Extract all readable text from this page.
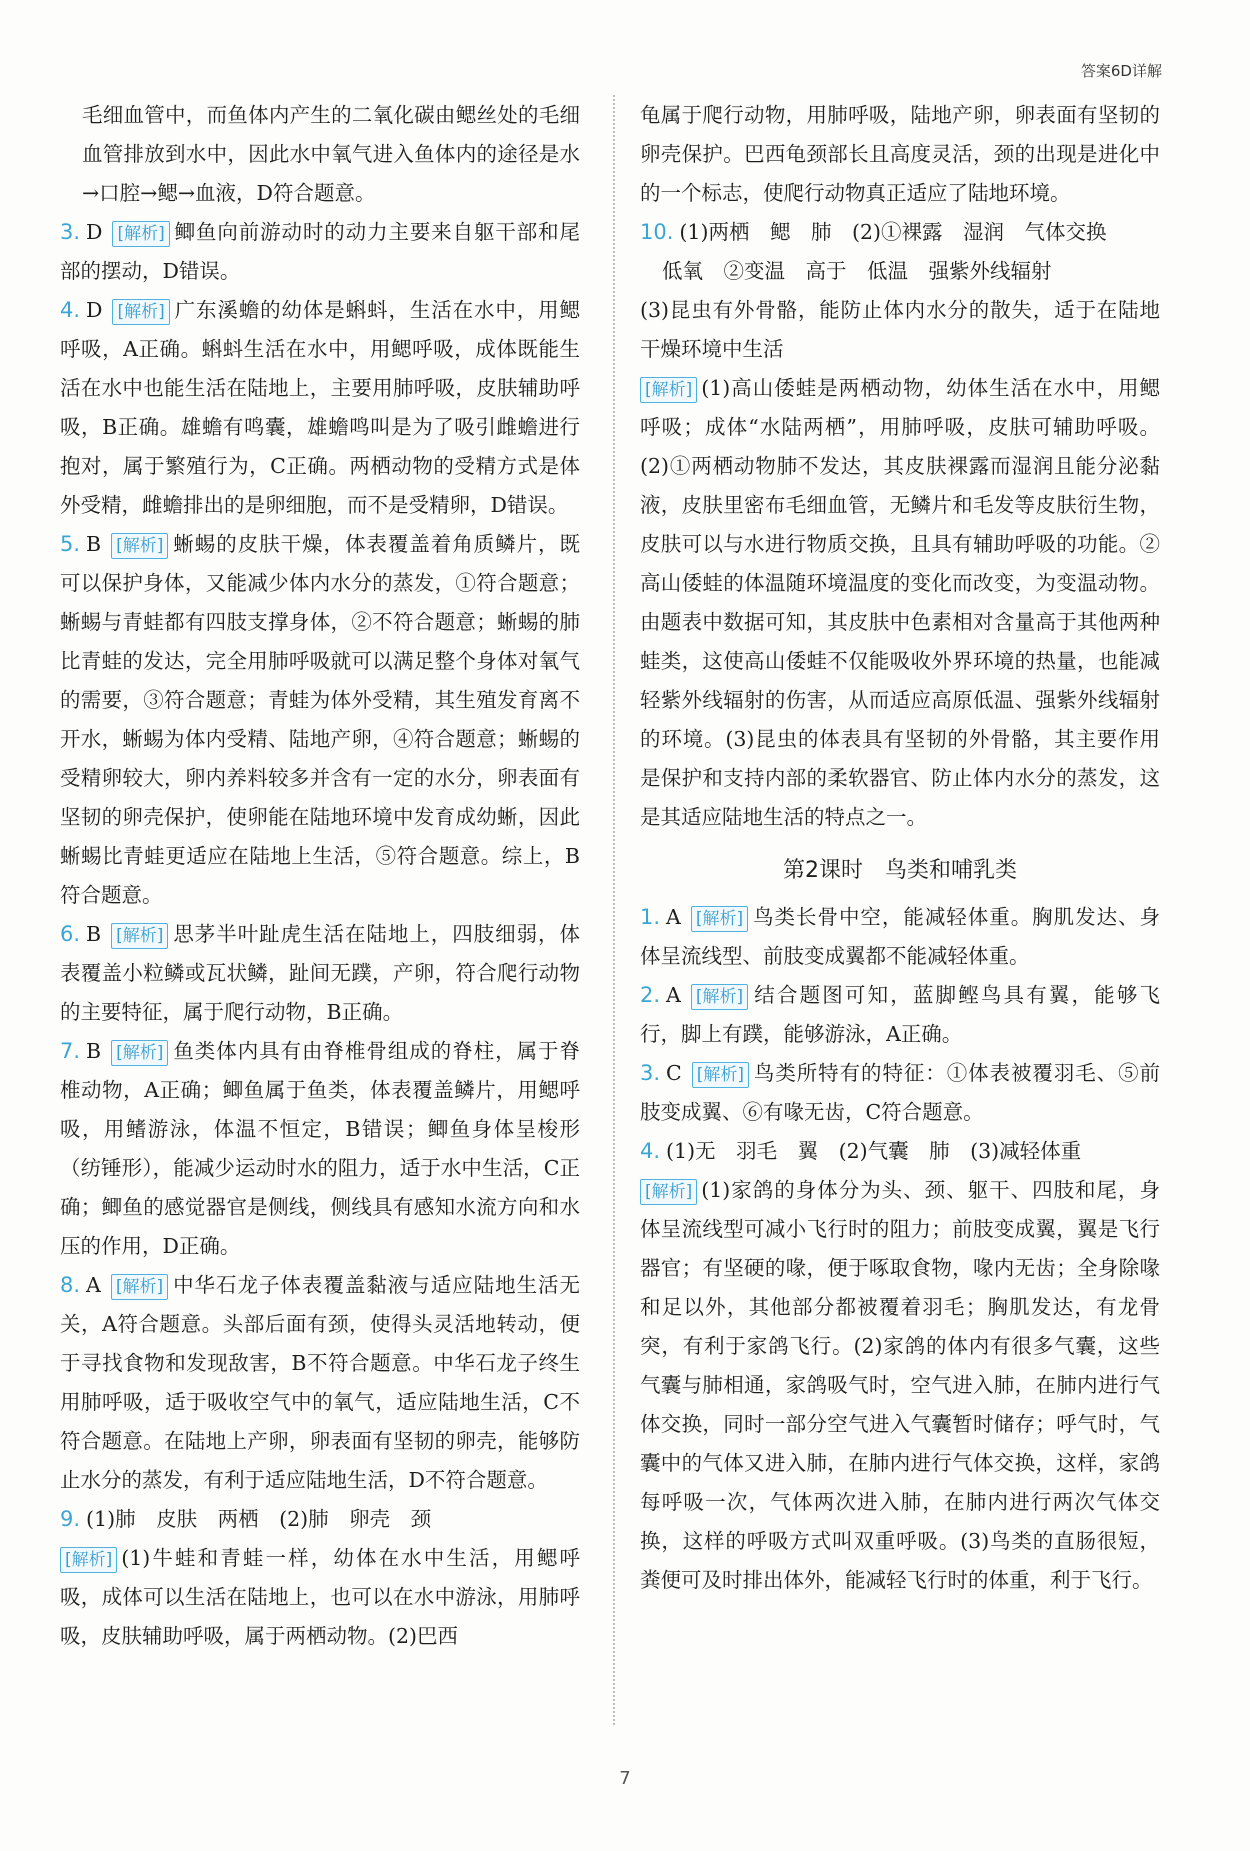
答案6D详解

毛细血管中，而鱼体内产生的二氧化碳由鳃丝处的毛细血管排放到水中，因此水中氧气进入鱼体内的途径是水→口腔→鳃→血液，D符合题意。

3. D [解析] 鲫鱼向前游动时的动力主要来自躯干部和尾部的摆动，D错误。

4. D [解析] 广东溪蟾的幼体是蝌蚪，生活在水中，用鳃呼吸，A正确。蝌蚪生活在水中，用鳃呼吸，成体既能生活在水中也能生活在陆地上，主要用肺呼吸，皮肤辅助呼吸，B正确。雄蟾有鸣囊，雄蟾鸣叫是为了吸引雌蟾进行抱对，属于繁殖行为，C正确。两栖动物的受精方式是体外受精，雌蟾排出的是卵细胞，而不是受精卵，D错误。

5. B [解析] 蜥蜴的皮肤干燥，体表覆盖着角质鳞片，既可以保护身体，又能减少体内水分的蒸发，①符合题意；蜥蜴与青蛙都有四肢支撑身体，②不符合题意；蜥蜴的肺比青蛙的发达，完全用肺呼吸就可以满足整个身体对氧气的需要，③符合题意；青蛙为体外受精，其生殖发育离不开水，蜥蜴为体内受精、陆地产卵，④符合题意；蜥蜴的受精卵较大，卵内养料较多并含有一定的水分，卵表面有坚韧的卵壳保护，使卵能在陆地环境中发育成幼蜥，因此蜥蜴比青蛙更适应在陆地上生活，⑤符合题意。综上，B符合题意。

6. B [解析] 思茅半叶趾虎生活在陆地上，四肢细弱，体表覆盖小粒鳞或瓦状鳞，趾间无蹼，产卵，符合爬行动物的主要特征，属于爬行动物，B正确。

7. B [解析] 鱼类体内具有由脊椎骨组成的脊柱，属于脊椎动物，A正确；鲫鱼属于鱼类，体表覆盖鳞片，用鳃呼吸，用鳍游泳，体温不恒定，B错误；鲫鱼身体呈梭形（纺锤形），能减少运动时水的阻力，适于水中生活，C正确；鲫鱼的感觉器官是侧线，侧线具有感知水流方向和水压的作用，D正确。

8. A [解析] 中华石龙子体表覆盖黏液与适应陆地生活无关，A符合题意。头部后面有颈，使得头灵活地转动，便于寻找食物和发现敌害，B不符合题意。中华石龙子终生用肺呼吸，适于吸收空气中的氧气，适应陆地生活，C不符合题意。在陆地上产卵，卵表面有坚韧的卵壳，能够防止水分的蒸发，有利于适应陆地生活，D不符合题意。

9. (1)肺　皮肤　两栖　(2)肺　卵壳　颈

[解析] (1)牛蛙和青蛙一样，幼体在水中生活，用鳃呼吸，成体可以生活在陆地上，也可以在水中游泳，用肺呼吸，皮肤辅助呼吸，属于两栖动物。(2)巴西

龟属于爬行动物，用肺呼吸，陆地产卵，卵表面有坚韧的卵壳保护。巴西龟颈部长且高度灵活，颈的出现是进化中的一个标志，使爬行动物真正适应了陆地环境。

10. (1)两栖　鳃　肺　(2)①裸露　湿润　气体交换

低氧　②变温　高于　低温　强紫外线辐射

(3)昆虫有外骨骼，能防止体内水分的散失，适于在陆地干燥环境中生活

[解析] (1)高山倭蛙是两栖动物，幼体生活在水中，用鳃呼吸；成体“水陆两栖”，用肺呼吸，皮肤可辅助呼吸。(2)①两栖动物肺不发达，其皮肤裸露而湿润且能分泌黏液，皮肤里密布毛细血管，无鳞片和毛发等皮肤衍生物，皮肤可以与水进行物质交换，且具有辅助呼吸的功能。②高山倭蛙的体温随环境温度的变化而改变，为变温动物。由题表中数据可知，其皮肤中色素相对含量高于其他两种蛙类，这使高山倭蛙不仅能吸收外界环境的热量，也能减轻紫外线辐射的伤害，从而适应高原低温、强紫外线辐射的环境。(3)昆虫的体表具有坚韧的外骨骼，其主要作用是保护和支持内部的柔软器官、防止体内水分的蒸发，这是其适应陆地生活的特点之一。

第2课时　鸟类和哺乳类

1. A [解析] 鸟类长骨中空，能减轻体重。胸肌发达、身体呈流线型、前肢变成翼都不能减轻体重。

2. A [解析] 结合题图可知，蓝脚鲣鸟具有翼，能够飞行，脚上有蹼，能够游泳，A正确。

3. C [解析] 鸟类所特有的特征：①体表被覆羽毛、⑤前肢变成翼、⑥有喙无齿，C符合题意。

4. (1)无　羽毛　翼　(2)气囊　肺　(3)减轻体重

[解析] (1)家鸽的身体分为头、颈、躯干、四肢和尾，身体呈流线型可减小飞行时的阻力；前肢变成翼，翼是飞行器官；有坚硬的喙，便于啄取食物，喙内无齿；全身除喙和足以外，其他部分都被覆着羽毛；胸肌发达，有龙骨突，有利于家鸽飞行。(2)家鸽的体内有很多气囊，这些气囊与肺相通，家鸽吸气时，空气进入肺，在肺内进行气体交换，同时一部分空气进入气囊暂时储存；呼气时，气囊中的气体又进入肺，在肺内进行气体交换，这样，家鸽每呼吸一次，气体两次进入肺，在肺内进行两次气体交换，这样的呼吸方式叫双重呼吸。(3)鸟类的直肠很短，粪便可及时排出体外，能减轻飞行时的体重，利于飞行。

7
